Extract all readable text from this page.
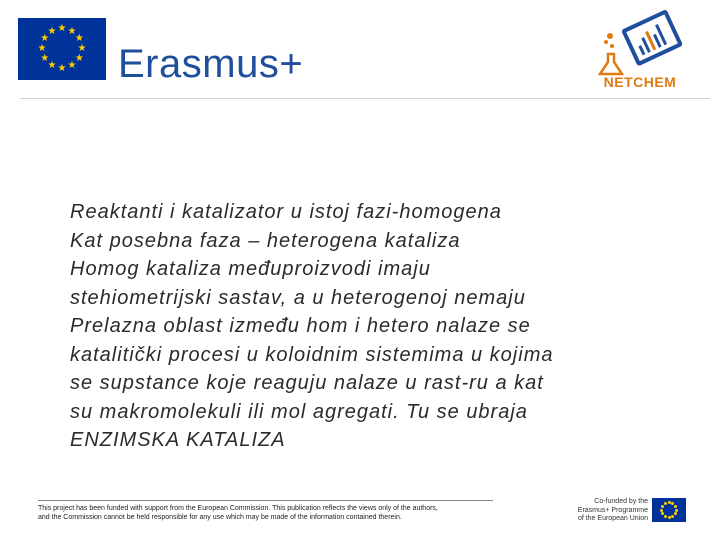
★ ★
★
★
★
★
★
★
★
★
★
★
Erasmus+	NETCHEM

Reaktanti i katalizator u istoj fazi-homogena

Kat posebna faza – heterogena kataliza

Homog kataliza međuproizvodi imaju

stehiometrijski sastav, a u heterogenoj nemaju

Prelazna oblast između hom i hetero nalaze se

katalitički procesi u koloidnim sistemima u kojima

se supstance koje reaguju nalaze u rast-ru a kat

su makromolekuli ili mol agregati. Tu se ubraja

ENZIMSKA KATALIZA

This project has been funded with support from the European Commission. This publication reflects the views only of the authors,
and the Commission cannot be held responsible for any use which may be made of the information contained therein.
Co-funded by the
Erasmus+ Programme
of the European Union
